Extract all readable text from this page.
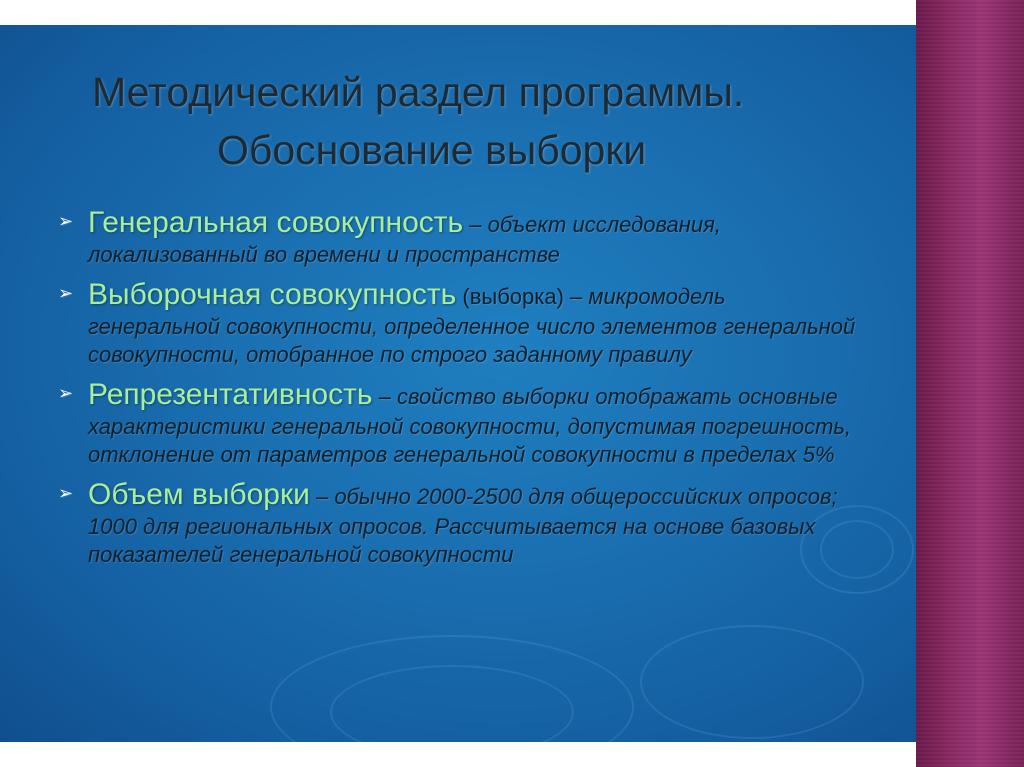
Методический раздел программы.
Обоснование выборки
➢ Генеральная совокупность – объект исследования, локализованный во времени и пространстве
➢ Выборочная совокупность (выборка) – микромодель генеральной совокупности, определенное число элементов генеральной совокупности, отобранное по строго заданному правилу
➢ Репрезентативность – свойство выборки отображать основные характеристики генеральной совокупности, допустимая погрешность, отклонение от параметров генеральной совокупности в пределах 5%
➢ Объем выборки – обычно 2000-2500 для общероссийских опросов; 1000 для региональных опросов. Рассчитывается на основе базовых показателей генеральной совокупности
